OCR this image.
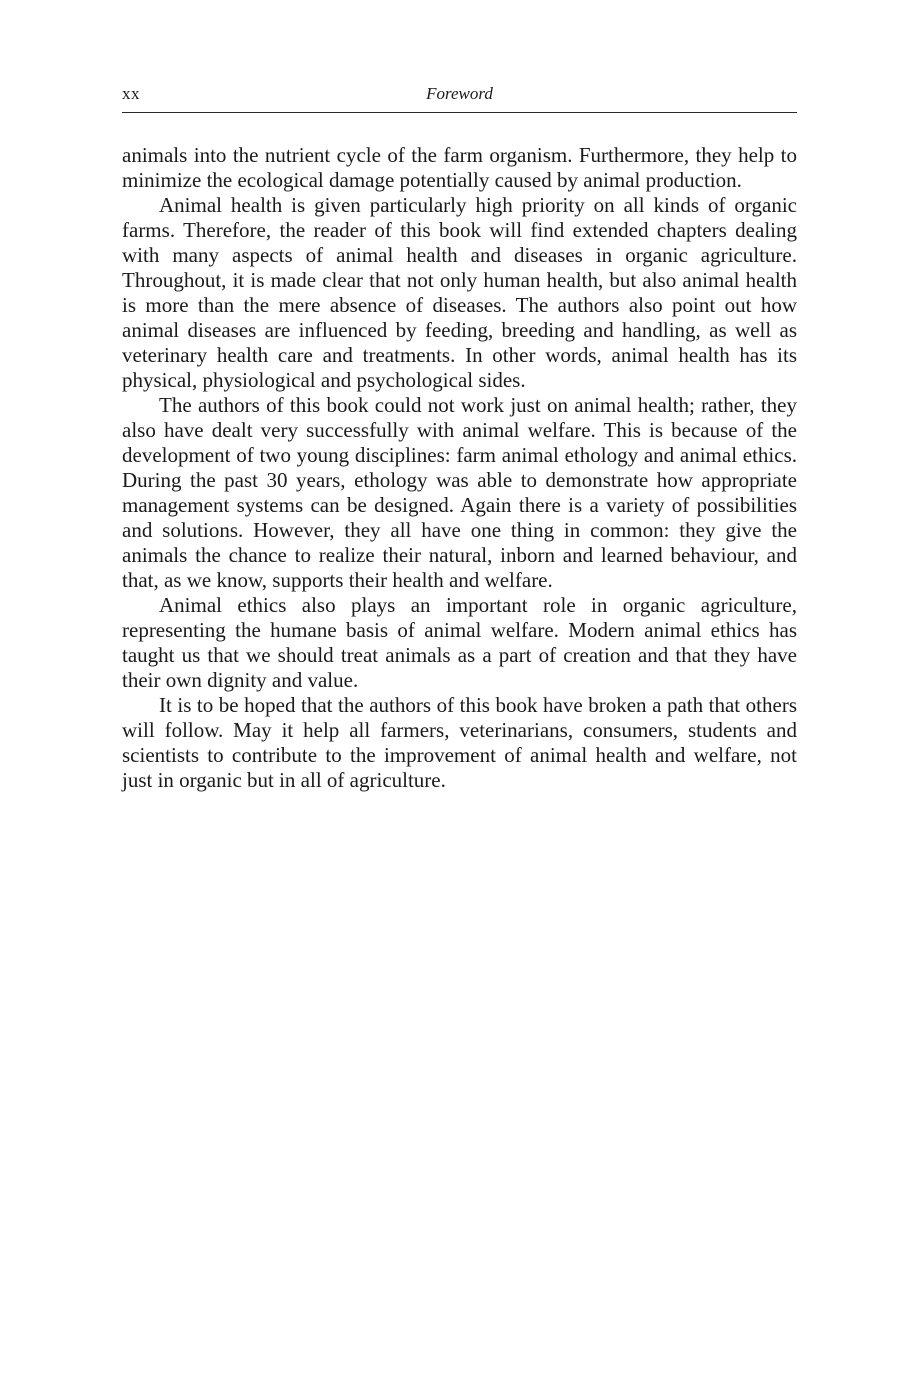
xx	Foreword

animals into the nutrient cycle of the farm organism. Furthermore, they help to minimize the ecological damage potentially caused by animal production.

Animal health is given particularly high priority on all kinds of organic farms. Therefore, the reader of this book will find extended chapters dealing with many aspects of animal health and diseases in organic agriculture. Throughout, it is made clear that not only human health, but also animal health is more than the mere absence of diseases. The authors also point out how animal diseases are influenced by feeding, breeding and handling, as well as veterinary health care and treatments. In other words, animal health has its physical, physiological and psychological sides.

The authors of this book could not work just on animal health; rather, they also have dealt very successfully with animal welfare. This is because of the development of two young disciplines: farm animal ethology and animal ethics. During the past 30 years, ethology was able to demonstrate how appropriate management systems can be designed. Again there is a variety of possibilities and solutions. However, they all have one thing in common: they give the animals the chance to realize their natural, inborn and learned behaviour, and that, as we know, supports their health and welfare.

Animal ethics also plays an important role in organic agriculture, representing the humane basis of animal welfare. Modern animal ethics has taught us that we should treat animals as a part of creation and that they have their own dignity and value.

It is to be hoped that the authors of this book have broken a path that others will follow. May it help all farmers, veterinarians, consumers, students and scientists to contribute to the improvement of animal health and welfare, not just in organic but in all of agriculture.
